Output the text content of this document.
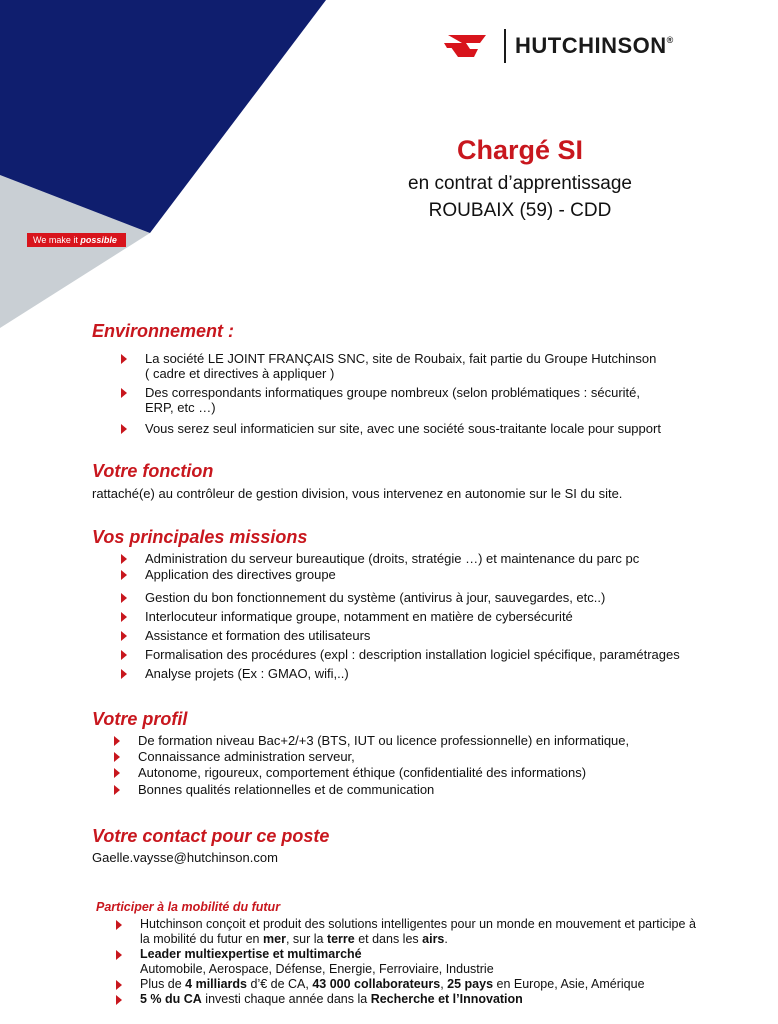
We make it possible
HUTCHINSON®
Chargé SI
en contrat d’apprentissage
ROUBAIX (59) - CDD
Environnement :
La société LE JOINT FRANÇAIS SNC, site de Roubaix, fait partie du Groupe Hutchinson
( cadre et directives à appliquer )
Des correspondants informatiques groupe nombreux (selon problématiques : sécurité,
ERP, etc …)
Vous serez seul informaticien sur site, avec une société sous-traitante locale pour support
Votre fonction
rattaché(e) au contrôleur de gestion division, vous intervenez en autonomie sur le SI du site.
Vos principales missions
Administration du serveur bureautique (droits, stratégie …) et maintenance du parc pc
Application des directives groupe
Gestion du bon fonctionnement du système (antivirus à jour, sauvegardes, etc..)
Interlocuteur informatique groupe, notamment en matière de cybersécurité
Assistance et formation des utilisateurs
Formalisation des procédures (expl : description installation logiciel spécifique, paramétrages
Analyse projets (Ex : GMAO, wifi,..)
Votre profil
De formation niveau Bac+2/+3 (BTS, IUT ou licence professionnelle) en informatique,
Connaissance administration serveur,
Autonome, rigoureux, comportement éthique (confidentialité des informations)
Bonnes qualités relationnelles et de communication
Votre contact pour ce poste
Gaelle.vaysse@hutchinson.com
Participer à la mobilité du futur
Hutchinson conçoit et produit des solutions intelligentes pour un monde en mouvement et participe à
la mobilité du futur en mer, sur la terre et dans les airs.
Leader multiexpertise et multimarché
Automobile, Aerospace, Défense, Energie, Ferroviaire, Industrie
Plus de 4 milliards d’€ de CA, 43 000 collaborateurs, 25 pays en Europe, Asie, Amérique
5 % du CA investi chaque année dans la Recherche et l’Innovation
